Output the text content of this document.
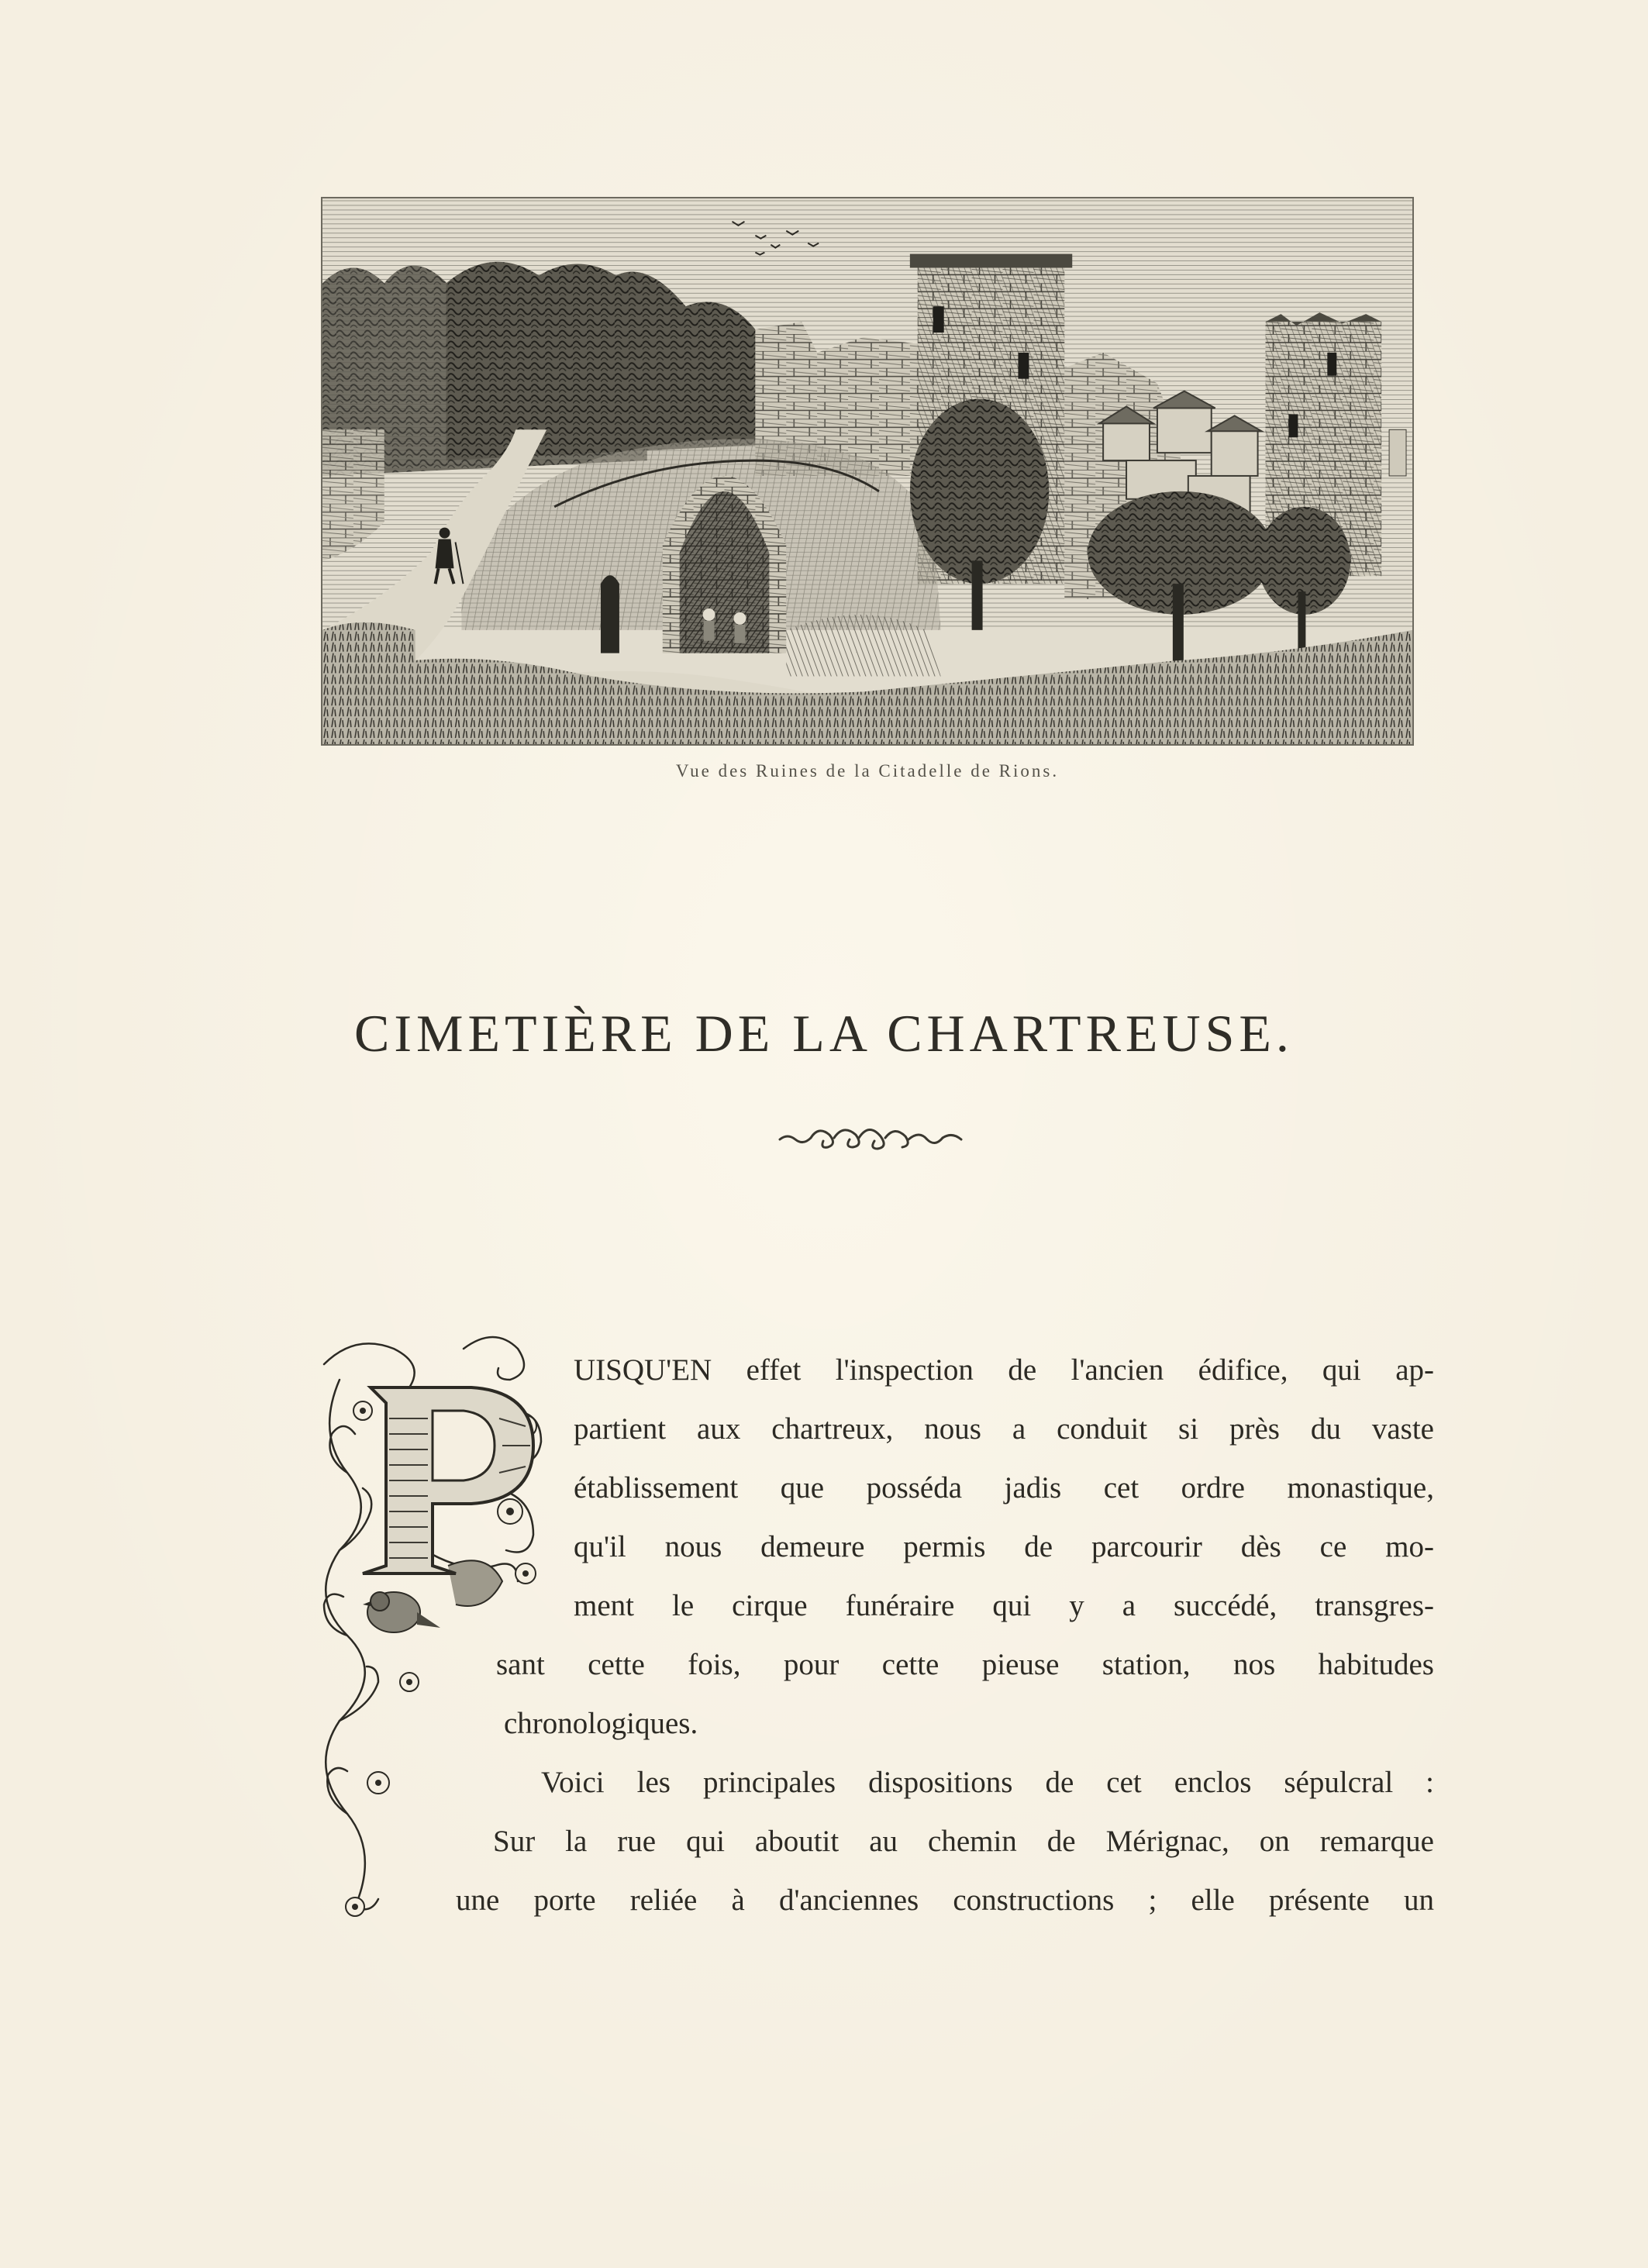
Vue des Ruines de la Citadelle de Rions.
CIMETIÈRE DE LA CHARTREUSE.
UISQU'EN effet l'inspection de l'ancien édifice, qui ap-
partient aux chartreux, nous a conduit si près du vaste
établissement que posséda jadis cet ordre monastique,
qu'il nous demeure permis de parcourir dès ce mo-
ment le cirque funéraire qui y a succédé, transgres-
sant cette fois, pour cette pieuse station, nos habitudes
chronologiques.
Voici les principales dispositions de cet enclos sépulcral :
Sur la rue qui aboutit au chemin de Mérignac, on remarque
une porte reliée à d'anciennes constructions ; elle présente un
